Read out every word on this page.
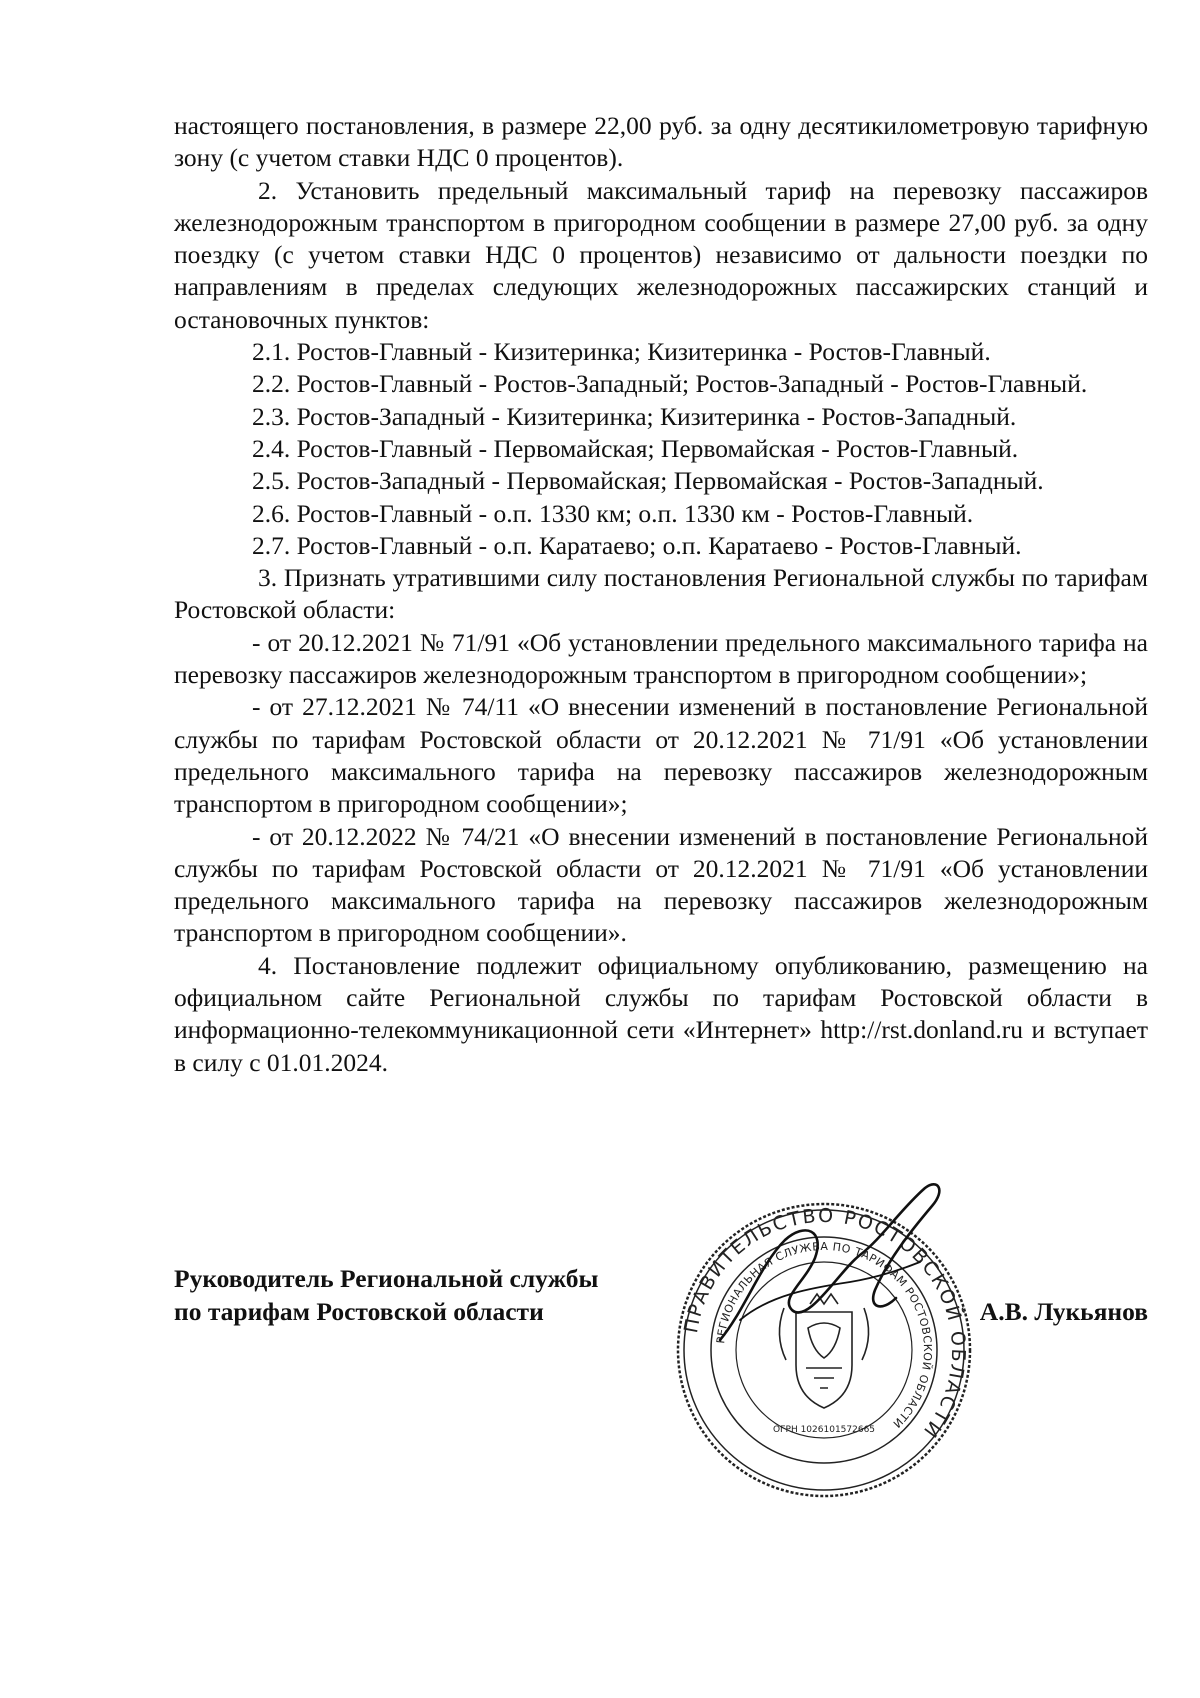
настоящего постановления, в размере 22,00 руб. за одну десятикилометровую тарифную зону (с учетом ставки НДС 0 процентов).

2. Установить предельный максимальный тариф на перевозку пассажиров железнодорожным транспортом в пригородном сообщении в размере 27,00 руб. за одну поездку (с учетом ставки НДС 0 процентов) независимо от дальности поездки по направлениям в пределах следующих железнодорожных пассажирских станций и остановочных пунктов:

2.1. Ростов-Главный - Кизитеринка; Кизитеринка - Ростов-Главный.

2.2. Ростов-Главный - Ростов-Западный; Ростов-Западный - Ростов-Главный.

2.3. Ростов-Западный - Кизитеринка; Кизитеринка - Ростов-Западный.

2.4. Ростов-Главный - Первомайская; Первомайская - Ростов-Главный.

2.5. Ростов-Западный - Первомайская; Первомайская - Ростов-Западный.

2.6. Ростов-Главный - о.п. 1330 км; о.п. 1330 км - Ростов-Главный.

2.7. Ростов-Главный - о.п. Каратаево; о.п. Каратаево - Ростов-Главный.

3. Признать утратившими силу постановления Региональной службы по тарифам Ростовской области:

- от 20.12.2021 № 71/91 «Об установлении предельного максимального тарифа на перевозку пассажиров железнодорожным транспортом в пригородном сообщении»;

- от 27.12.2021 № 74/11 «О внесении изменений в постановление Региональной службы по тарифам Ростовской области от 20.12.2021 № 71/91 «Об установлении предельного максимального тарифа на перевозку пассажиров железнодорожным транспортом в пригородном сообщении»;

- от 20.12.2022 № 74/21 «О внесении изменений в постановление Региональной службы по тарифам Ростовской области от 20.12.2021 № 71/91 «Об установлении предельного максимального тарифа на перевозку пассажиров железнодорожным транспортом в пригородном сообщении».

4. Постановление подлежит официальному опубликованию, размещению на официальном сайте Региональной службы по тарифам Ростовской области в информационно-телекоммуникационной сети «Интернет» http://rst.donland.ru и вступает в силу с 01.01.2024.

Руководитель Региональной службы
по тарифам Ростовской области	А.В. Лукьянов
ПРАВИТЕЛЬСТВО РОСТОВСКОЙ ОБЛАСТИ
РЕГИОНАЛЬНАЯ СЛУЖБА ПО ТАРИФАМ РОСТОВСКОЙ ОБЛАСТИ
ОГРН 1026101572665
